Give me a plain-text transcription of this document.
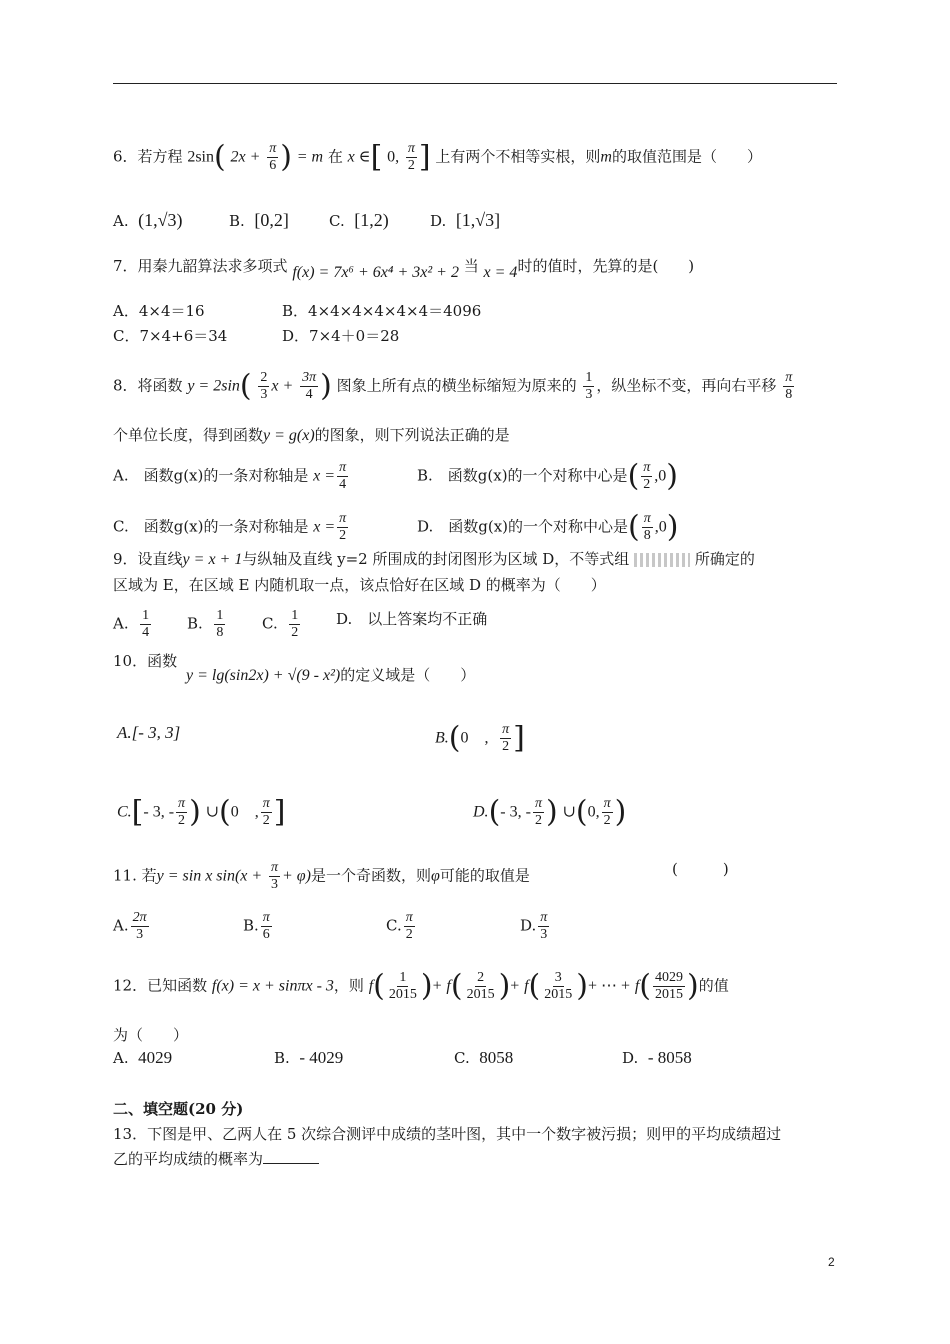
6．若方程 2sin( $2x + \frac{\pi}{6}$ ) = m 在 x ∈[ 0, $\frac{\pi}{2}$ ] 上有两个不相等实根，则m的取值范围是（　　）
A. (1,√3)	B. [0,2]	C. [1,2)	D. [1,√3]
7．用秦九韶算法求多项式 f(x) = 7x⁶ + 6x⁴ + 3x² + 2 当 x = 4时的值时，先算的是(　　)
A．4×4＝16	B．4×4×4×4×4×4＝4096
C．7×4+6＝34	D．7×4＋0＝28
8．将函数 $y = 2\sin( \frac{2}{3}$ $x + \frac{3\pi}{4}$ ) 图象上所有点的横坐标缩短为原来的 $\frac{1}{3}$ ，纵坐标不变，再向右平移 $\frac{\pi}{8}$
个单位长度，得到函数y = g(x)的图象，则下列说法正确的是
A.　函数g(x)的一条对称轴是 $x = \frac{\pi}{4}$	B.　函数g(x)的一个对称中心是( $\frac{\pi}{2} ,0$)
C.　函数g(x)的一条对称轴是 $x = \frac{\pi}{2}$	D.　函数g(x)的一个对称中心是( $\frac{\pi}{8} ,0$)
9．设直线y = x + 1与纵轴及直线 y=2 所围成的封闭图形为区域 D，不等式组	所确定的
区域为 E，在区域 E 内随机取一点，该点恰好在区域 D 的概率为（　　）
A. $\frac{1}{4} B$. $\frac{1}{8} C$. $\frac{1}{2} D$.　以上答案均不正确
10．函数
y = lg(sin2x) + √(9 - x²)的定义域是（　　）
A.[- 3, 3]	B.(0　, $\frac{\pi}{2}$ ]
C.[- 3, - $\frac{\pi}{2}$ ) ∪(0　, $\frac{\pi}{2}$ ]	D.(- 3, - $\frac{\pi}{2}$ ) ∪(0, $\frac{\pi}{2}$ )
11. 若y = sin x $\sin(x + \frac{\pi}{3} + \varphi)$是一个奇函数，则φ可能的取值是	(　　　)
A. $\frac{2\pi}{3}$	B. $\frac{\pi}{6}$	C. $\frac{\pi}{2}$	D. $\frac{\pi}{3}$
12．已知函数 f(x) = x + sinπx - 3，则 $f( \frac{1}{2015}$ )+ $f( \frac{2}{2015}$ )+ $f( \frac{3}{2015}$ )+ ⋯ + $f( \frac{4029}{2015}$ )的值
为（　　）
A. 4029	B. - 4029	C. 8058	D. - 8058
二、填空题(20 分)
13．下图是甲、乙两人在 5 次综合测评中成绩的茎叶图，其中一个数字被污损；则甲的平均成绩超过
乙的平均成绩的概率为
2
